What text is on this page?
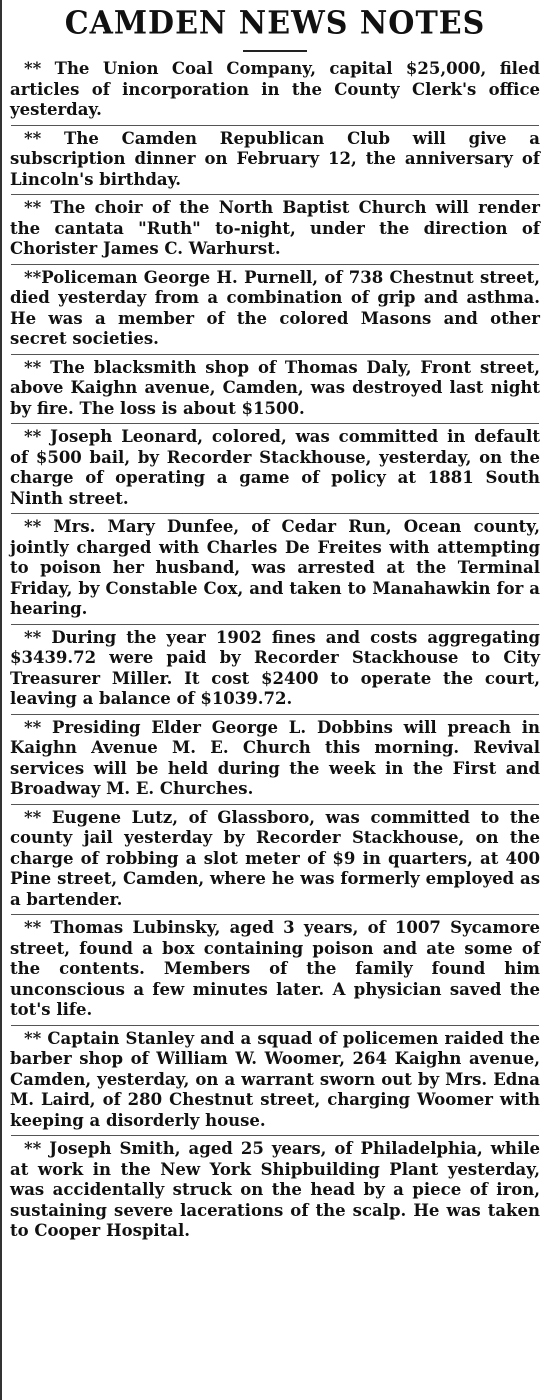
CAMDEN NEWS NOTES
** The Union Coal Company, capital $25,000, filed articles of incorporation in the County Clerk's office yesterday.
** The Camden Republican Club will give a subscription dinner on February 12, the anniversary of Lincoln's birthday.
** The choir of the North Baptist Church will render the cantata "Ruth" to-night, under the direction of Chorister James C. Warhurst.
**Policeman George H. Purnell, of 738 Chestnut street, died yesterday from a combination of grip and asthma. He was a member of the colored Masons and other secret societies.
** The blacksmith shop of Thomas Daly, Front street, above Kaighn avenue, Camden, was destroyed last night by fire. The loss is about $1500.
** Joseph Leonard, colored, was committed in default of $500 bail, by Recorder Stackhouse, yesterday, on the charge of operating a game of policy at 1881 South Ninth street.
** Mrs. Mary Dunfee, of Cedar Run, Ocean county, jointly charged with Charles De Freites with attempting to poison her husband, was arrested at the Terminal Friday, by Constable Cox, and taken to Manahawkin for a hearing.
** During the year 1902 fines and costs aggregating $3439.72 were paid by Recorder Stackhouse to City Treasurer Miller. It cost $2400 to operate the court, leaving a balance of $1039.72.
** Presiding Elder George L. Dobbins will preach in Kaighn Avenue M. E. Church this morning. Revival services will be held during the week in the First and Broadway M. E. Churches.
** Eugene Lutz, of Glassboro, was committed to the county jail yesterday by Recorder Stackhouse, on the charge of robbing a slot meter of $9 in quarters, at 400 Pine street, Camden, where he was formerly employed as a bartender.
** Thomas Lubinsky, aged 3 years, of 1007 Sycamore street, found a box containing poison and ate some of the contents. Members of the family found him unconscious a few minutes later. A physician saved the tot's life.
** Captain Stanley and a squad of policemen raided the barber shop of William W. Woomer, 264 Kaighn avenue, Camden, yesterday, on a warrant sworn out by Mrs. Edna M. Laird, of 280 Chestnut street, charging Woomer with keeping a disorderly house.
** Joseph Smith, aged 25 years, of Philadelphia, while at work in the New York Shipbuilding Plant yesterday, was accidentally struck on the head by a piece of iron, sustaining severe lacerations of the scalp. He was taken to Cooper Hospital.
